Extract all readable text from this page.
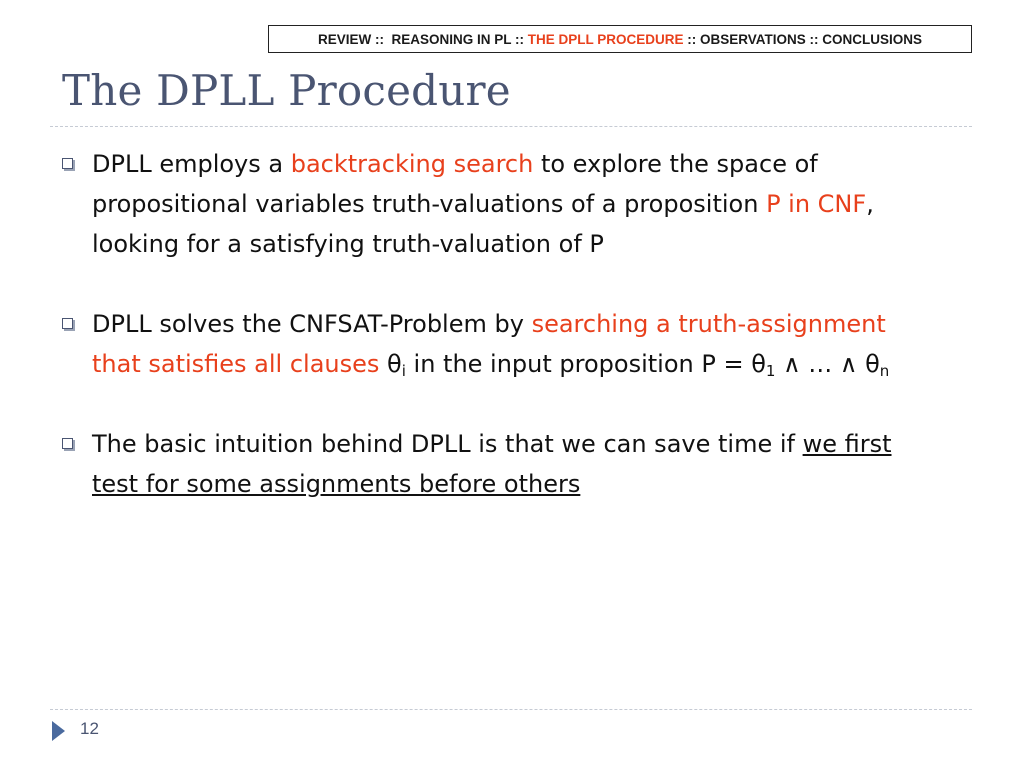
REVIEW :: REASONING IN PL :: THE DPLL PROCEDURE :: OBSERVATIONS :: CONCLUSIONS
The DPLL Procedure
DPLL employs a backtracking search to explore the space of propositional variables truth-valuations of a proposition P in CNF, looking for a satisfying truth-valuation of P
DPLL solves the CNFSAT-Problem by searching a truth-assignment that satisfies all clauses $\theta_i$ in the input proposition $P = \theta_1$ ∧ … ∧ $\theta_n$
The basic intuition behind DPLL is that we can save time if we first test for some assignments before others
12
